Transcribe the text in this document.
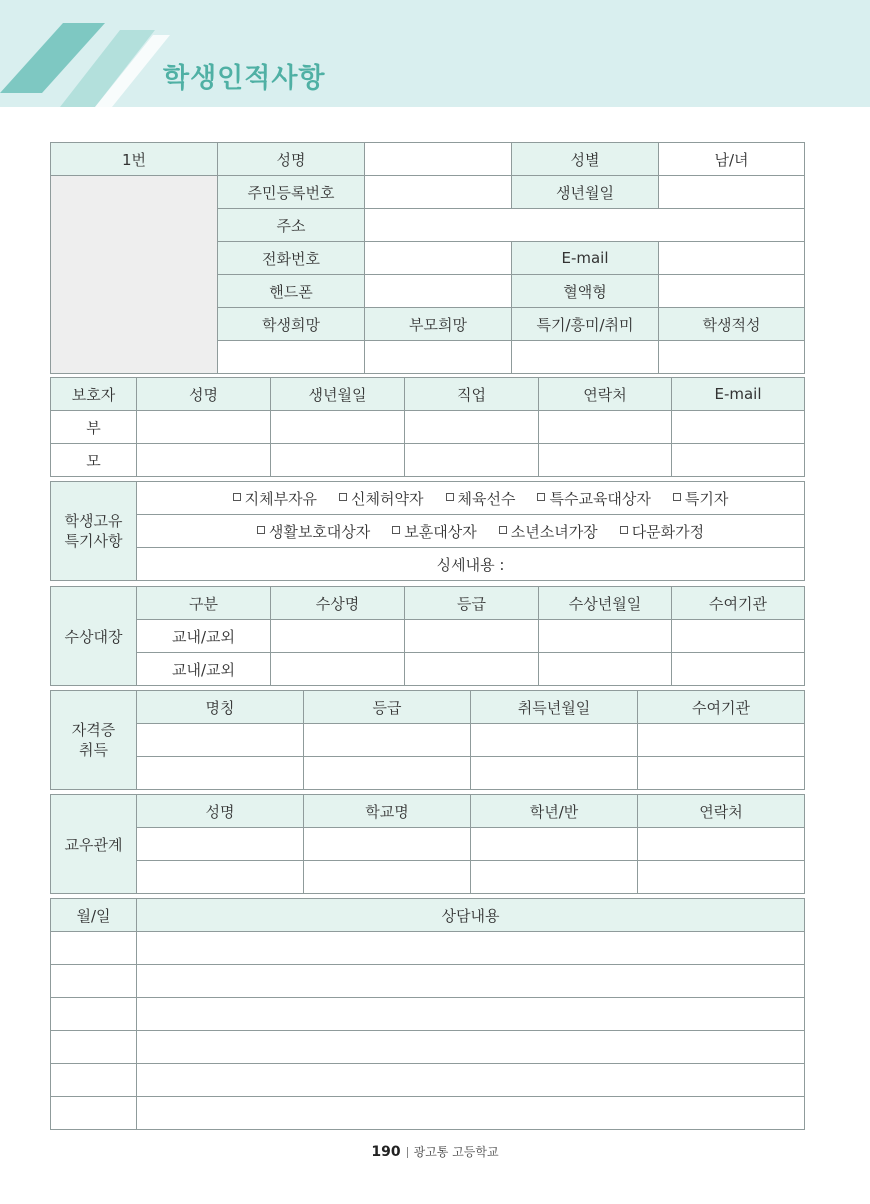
학생인적사항
1번	성명		성별	남/녀
	주민등록번호		생년월일	
	주소			
	전화번호		E-mail	
	핸드폰		혈액형	
	학생희망	부모희망	특기/흥미/취미	학생적성

보호자	성명	생년월일	직업	연락처	E-mail
부					
모					
학생고유
특기사항	지체부자유 신체허약자 체육선수 특수교육대상자 특기자
생활보호대상자 보훈대상자 소년소녀가장 다문화가정
싱세내용 :
수상대장	구분	수상명	등급	수상년월일	수여기관
	교내/교외				
	교내/교외				
자격증
취득	명칭	등급	취득년월일	수여기관

교우관계	성명	학교명	학년/반	연락처

월/일	상담내용

190 광고통 고등학교
